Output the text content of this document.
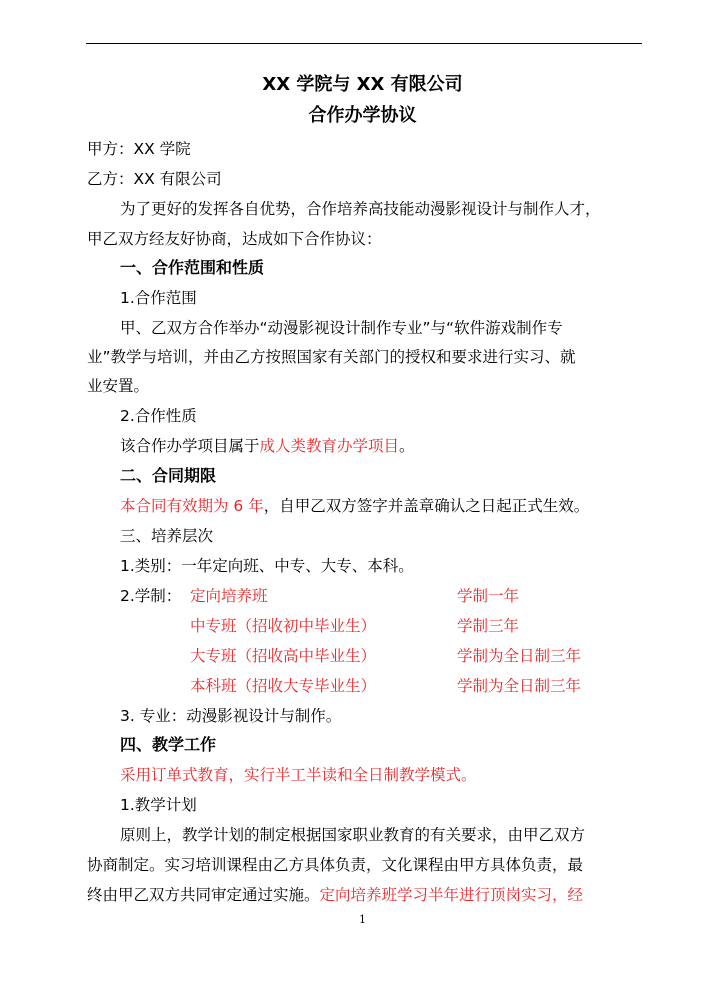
XX 学院与 XX 有限公司
合作办学协议
甲方：XX 学院
乙方：XX 有限公司
为了更好的发挥各自优势，合作培养高技能动漫影视设计与制作人才，
甲乙双方经友好协商，达成如下合作协议：
一、合作范围和性质
1.合作范围
甲、乙双方合作举办“动漫影视设计制作专业”与“软件游戏制作专
业”教学与培训，并由乙方按照国家有关部门的授权和要求进行实习、就
业安置。
2.合作性质
该合作办学项目属于成人类教育办学项目。
二、合同期限
本合同有效期为 6 年，自甲乙双方签字并盖章确认之日起正式生效。
三、培养层次
1.类别：一年定向班、中专、大专、本科。
2.学制： 定向培养班	学制一年
中专班（招收初中毕业生）	学制三年
大专班（招收高中毕业生）	学制为全日制三年
本科班（招收大专毕业生）	学制为全日制三年
3. 专业：动漫影视设计与制作。
四、教学工作
采用订单式教育，实行半工半读和全日制教学模式。
1.教学计划
原则上，教学计划的制定根据国家职业教育的有关要求，由甲乙双方
协商制定。实习培训课程由乙方具体负责，文化课程由甲方具体负责，最
终由甲乙双方共同审定通过实施。定向培养班学习半年进行顶岗实习，经
1
